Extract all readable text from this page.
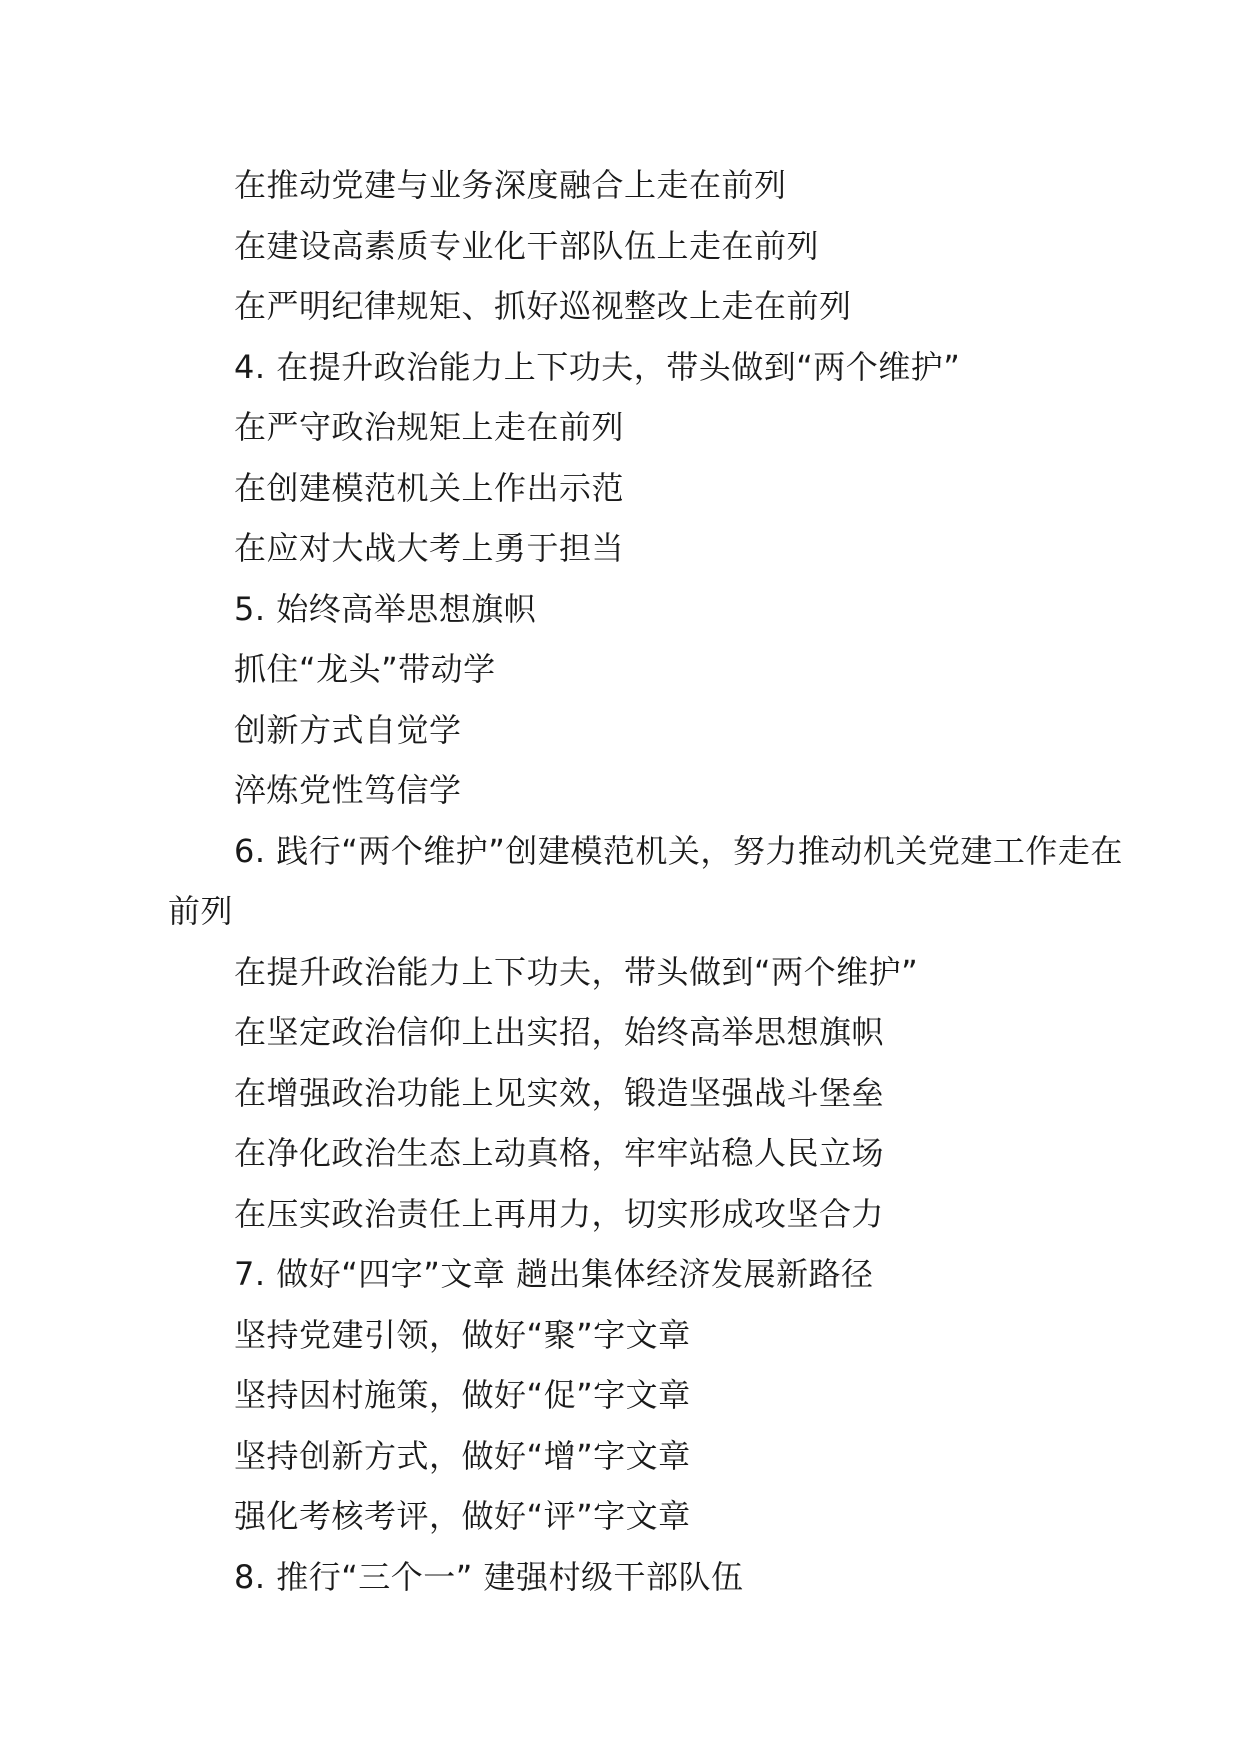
在推动党建与业务深度融合上走在前列
在建设高素质专业化干部队伍上走在前列
在严明纪律规矩、抓好巡视整改上走在前列
4. 在提升政治能力上下功夫，带头做到“两个维护”
在严守政治规矩上走在前列
在创建模范机关上作出示范
在应对大战大考上勇于担当
5. 始终高举思想旗帜
抓住“龙头”带动学
创新方式自觉学
淬炼党性笃信学
6. 践行“两个维护”创建模范机关，努力推动机关党建工作走在前列
在提升政治能力上下功夫，带头做到“两个维护”
在坚定政治信仰上出实招，始终高举思想旗帜
在增强政治功能上见实效，锻造坚强战斗堡垒
在净化政治生态上动真格，牢牢站稳人民立场
在压实政治责任上再用力，切实形成攻坚合力
7. 做好“四字”文章 趟出集体经济发展新路径
坚持党建引领，做好“聚”字文章
坚持因村施策，做好“促”字文章
坚持创新方式，做好“增”字文章
强化考核考评，做好“评”字文章
8. 推行“三个一” 建强村级干部队伍
